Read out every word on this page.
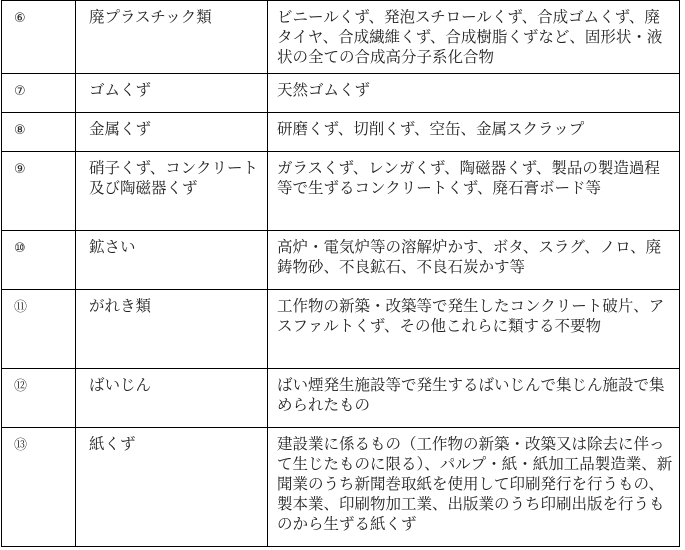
⑥	廃プラスチック類	ビニールくず、発泡スチロールくず、合成ゴムくず、廃タイヤ、合成繊維くず、合成樹脂くずなど、固形状・液状の全ての合成高分子系化合物
⑦	ゴムくず	天然ゴムくず
⑧	金属くず	研磨くず、切削くず、空缶、金属スクラップ
⑨	硝子くず、コンクリート及び陶磁器くず	ガラスくず、レンガくず、陶磁器くず、製品の製造過程等で生ずるコンクリートくず、廃石膏ボード等
⑩	鉱さい	高炉・電気炉等の溶解炉かす、ボタ、スラグ、ノロ、廃鋳物砂、不良鉱石、不良石炭かす等
⑪	がれき類	工作物の新築・改築等で発生したコンクリート破片、アスファルトくず、その他これらに類する不要物
⑫	ばいじん	ばい煙発生施設等で発生するばいじんで集じん施設で集められたもの
⑬	紙くず	建設業に係るもの（工作物の新築・改築又は除去に伴って生じたものに限る）、パルプ・紙・紙加工品製造業、新聞業のうち新聞巻取紙を使用して印刷発行を行うもの、製本業、印刷物加工業、出版業のうち印刷出版を行うものから生ずる紙くず
